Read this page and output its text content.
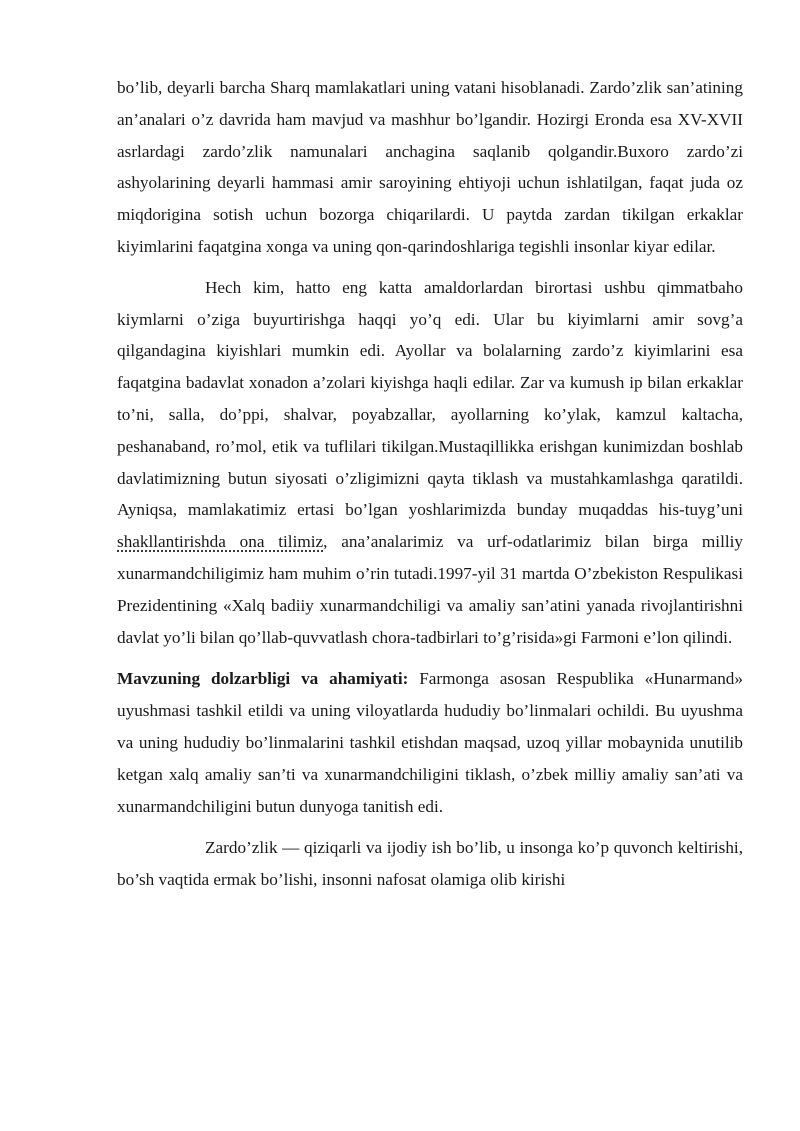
bo’lib, deyarli barcha Sharq mamlakatlari uning vatani hisoblanadi. Zardo’zlik san’atining an’analari o’z davrida ham mavjud va mashhur bo’lgandir. Hozirgi Eronda esa XV-XVII asrlardagi zardo’zlik namunalari anchagina saqlanib qolgandir.Buxoro zardo’zi ashyolarining deyarli hammasi amir saroyining ehtiyoji uchun ishlatilgan, faqat juda oz miqdorigina sotish uchun bozorga chiqarilardi. U paytda zardan tikilgan erkaklar kiyimlarini faqatgina xonga va uning qon-qarindoshlariga tegishli insonlar kiyar edilar.

Hech kim, hatto eng katta amaldorlardan birortasi ushbu qimmatbaho kiymlarni o’ziga buyurtirishga haqqi yo’q edi. Ular bu kiyimlarni amir sovg’a qilgandagina kiyishlari mumkin edi. Ayollar va bolalarning zardo’z kiyimlarini esa faqatgina badavlat xonadon a’zolari kiyishga haqli edilar. Zar va kumush ip bilan erkaklar to’ni, salla, do’ppi, shalvar, poyabzallar, ayollarning ko’ylak, kamzul kaltacha, peshanaband, ro’mol, etik va tuflilari tikilgan.Mustaqillikka erishgan kunimizdan boshlab davlatimizning butun siyosati o’zligimizni qayta tiklash va mustahkamlashga qaratildi. Ayniqsa, mamlakatimiz ertasi bo’lgan yoshlarimizda bunday muqaddas his-tuyg’uni shakllantirishda ona tilimiz, ana’analarimiz va urf-odatlarimiz bilan birga milliy xunarmandchiligimiz ham muhim o’rin tutadi.1997-yil 31 martda O’zbekiston Respulikasi Prezidentining «Xalq badiiy xunarmandchiligi va amaliy san’atini yanada rivojlantirishni davlat yo’li bilan qo’llab-quvvatlash chora-tadbirlari to’g’risida»gi Farmoni e’lon qilindi.

Mavzuning dolzarbligi va ahamiyati: Farmonga asosan Respublika «Hunarmand» uyushmasi tashkil etildi va uning viloyatlarda hududiy bo’linmalari ochildi. Bu uyushma va uning hududiy bo’linmalarini tashkil etishdan maqsad, uzoq yillar mobaynida unutilib ketgan xalq amaliy san’ti va xunarmandchiligini tiklash, o’zbek milliy amaliy san’ati va xunarmandchiligini butun dunyoga tanitish edi.

Zardo’zlik — qiziqarli va ijodiy ish bo’lib, u insonga ko’p quvonch keltirishi, bo’sh vaqtida ermak bo’lishi, insonni nafosat olamiga olib kirishi
